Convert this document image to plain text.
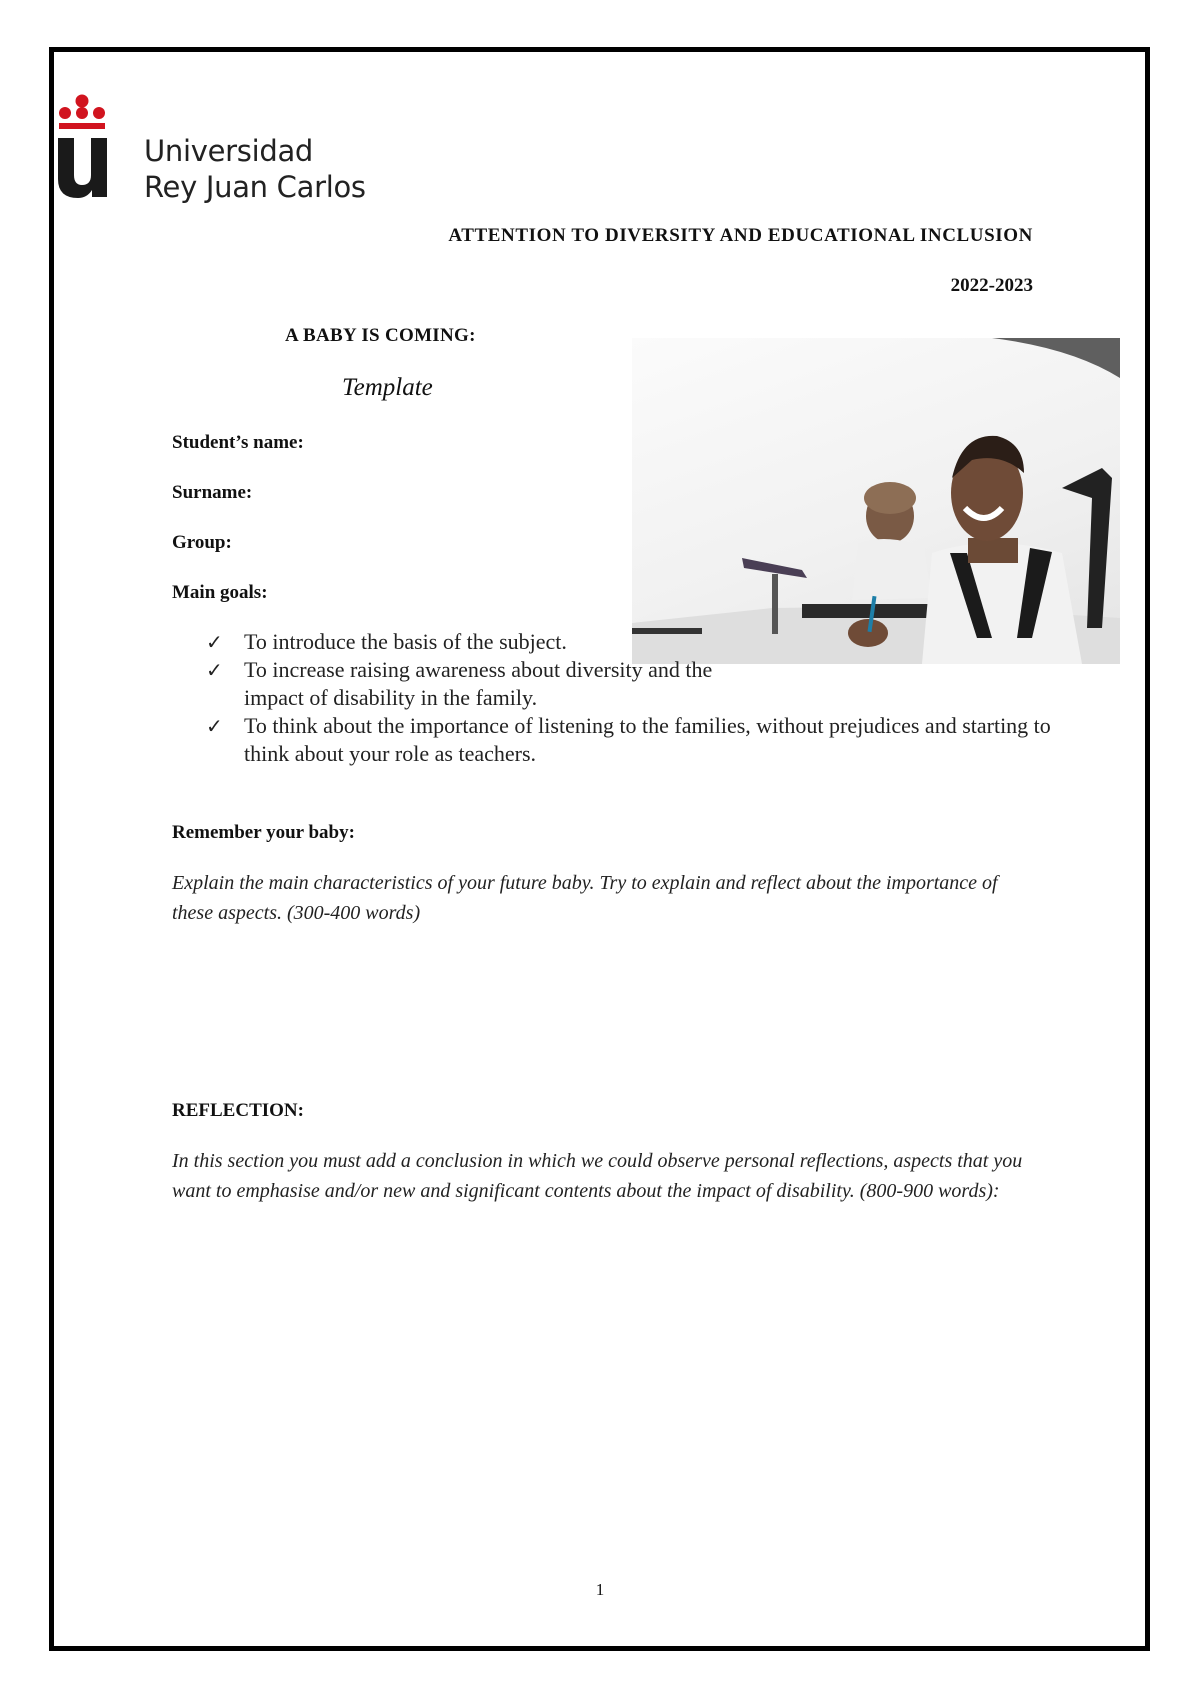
Universidad
Rey Juan Carlos
ATTENTION TO DIVERSITY AND EDUCATIONAL INCLUSION
2022-2023
A BABY IS COMING:
Template
Student’s name:
Surname:
Group:
Main goals:
✓ To introduce the basis of the subject.
✓ To increase raising awareness about diversity and the impact of disability in the family.
✓ To think about the importance of listening to the families, without prejudices and starting to think about your role as teachers.
Remember your baby:

Explain the main characteristics of your future baby. Try to explain and reflect about the importance of these aspects. (300-400 words)

REFLECTION:

In this section you must add a conclusion in which we could observe personal reflections, aspects that you want to emphasise and/or new and significant contents about the impact of disability. (800-900 words):

1
